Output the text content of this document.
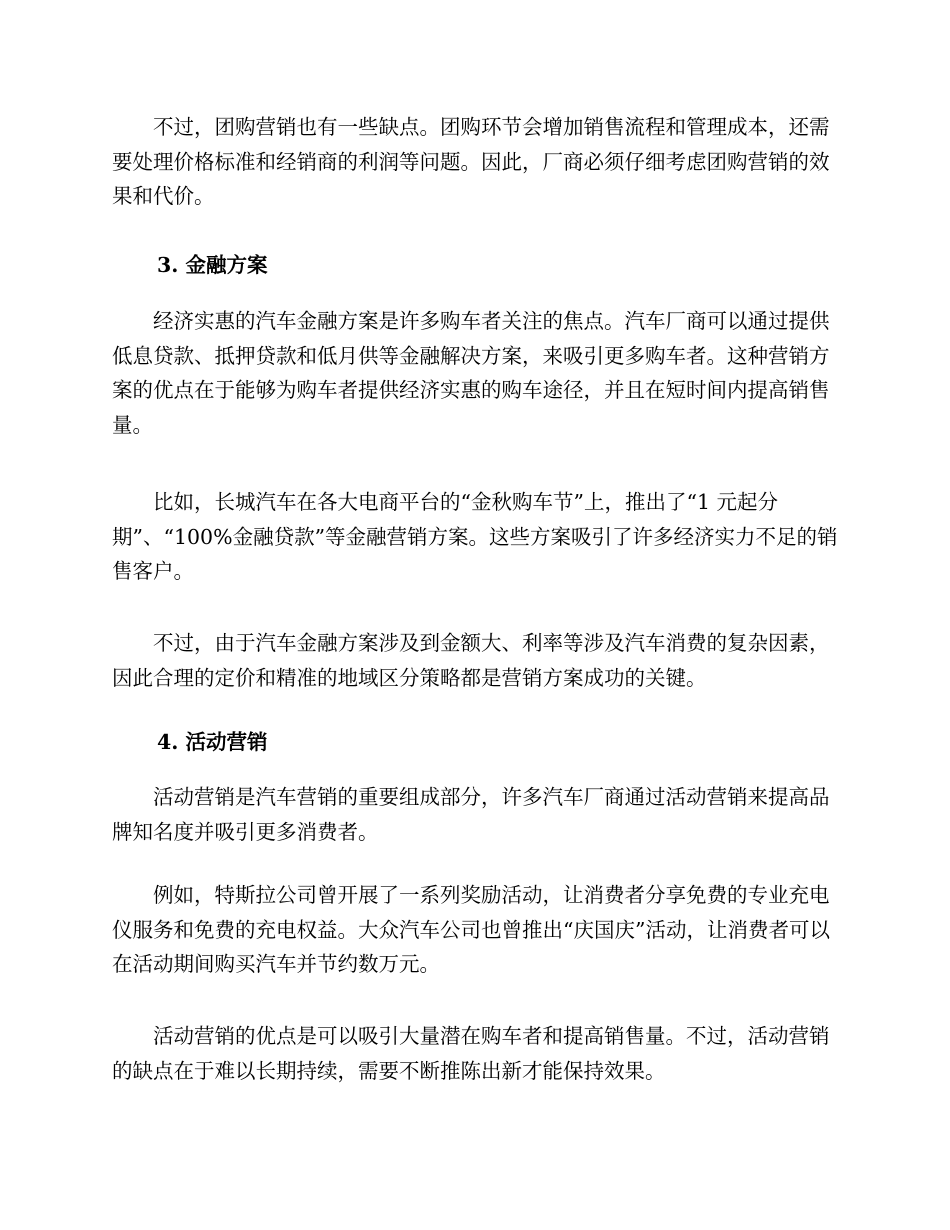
不过，团购营销也有一些缺点。团购环节会增加销售流程和管理成本，还需要处理价格标准和经销商的利润等问题。因此，厂商必须仔细考虑团购营销的效果和代价。

3. 金融方案

经济实惠的汽车金融方案是许多购车者关注的焦点。汽车厂商可以通过提供低息贷款、抵押贷款和低月供等金融解决方案，来吸引更多购车者。这种营销方案的优点在于能够为购车者提供经济实惠的购车途径，并且在短时间内提高销售量。

比如，长城汽车在各大电商平台的“金秋购车节”上，推出了“1 元起分期”、“100%金融贷款”等金融营销方案。这些方案吸引了许多经济实力不足的销售客户。

不过，由于汽车金融方案涉及到金额大、利率等涉及汽车消费的复杂因素，因此合理的定价和精准的地域区分策略都是营销方案成功的关键。

4. 活动营销

活动营销是汽车营销的重要组成部分，许多汽车厂商通过活动营销来提高品牌知名度并吸引更多消费者。

例如，特斯拉公司曾开展了一系列奖励活动，让消费者分享免费的专业充电仪服务和免费的充电权益。大众汽车公司也曾推出“庆国庆”活动，让消费者可以在活动期间购买汽车并节约数万元。

活动营销的优点是可以吸引大量潜在购车者和提高销售量。不过，活动营销的缺点在于难以长期持续，需要不断推陈出新才能保持效果。
